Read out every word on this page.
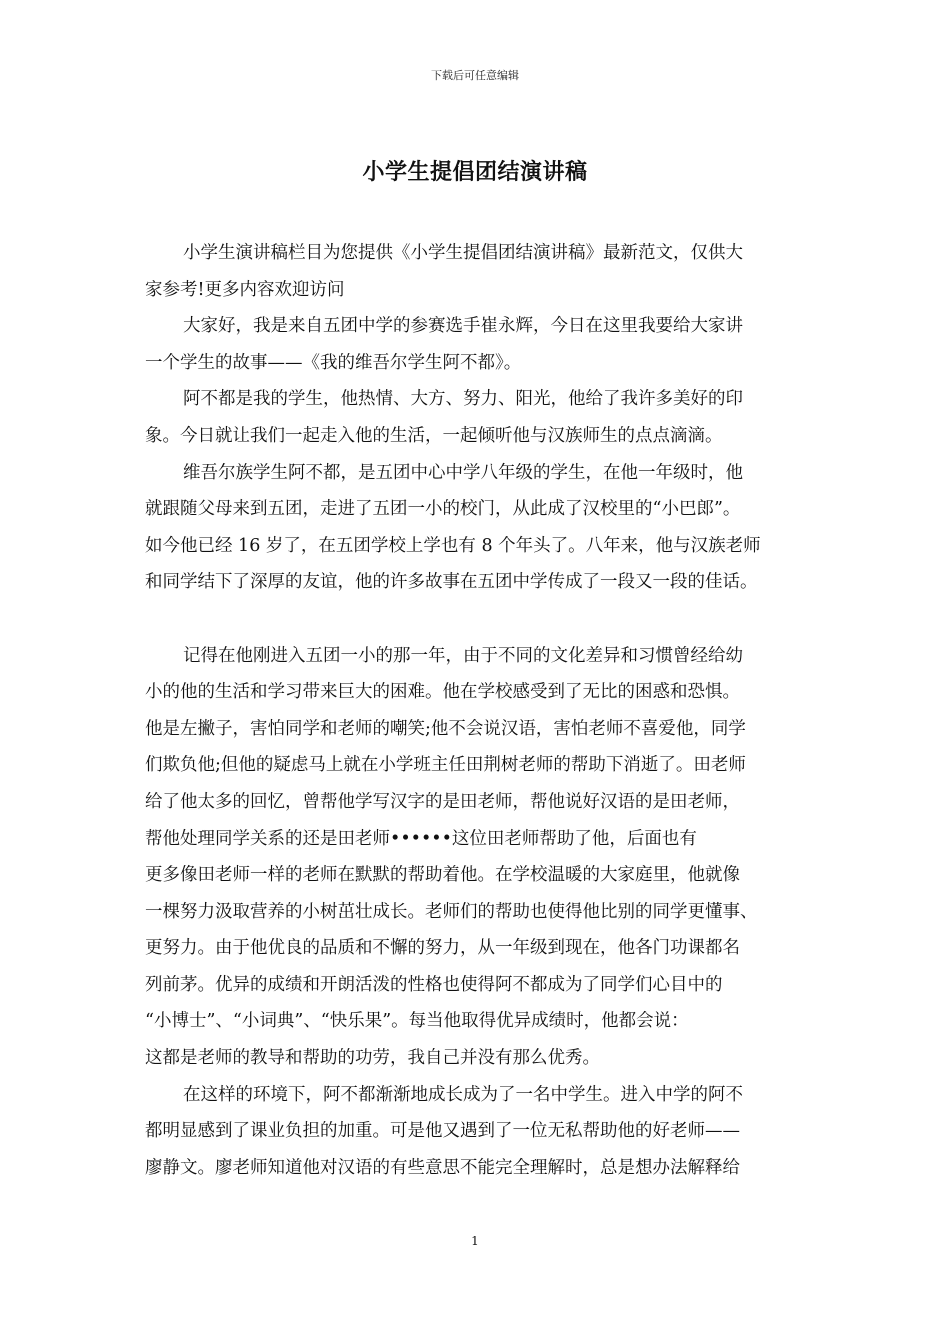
下载后可任意编辑
小学生提倡团结演讲稿
小学生演讲稿栏目为您提供《小学生提倡团结演讲稿》最新范文，仅供大
家参考!更多内容欢迎访问
大家好，我是来自五团中学的参赛选手崔永辉，今日在这里我要给大家讲
一个学生的故事——《我的维吾尔学生阿不都》。
阿不都是我的学生，他热情、大方、努力、阳光，他给了我许多美好的印
象。今日就让我们一起走入他的生活，一起倾听他与汉族师生的点点滴滴。
维吾尔族学生阿不都，是五团中心中学八年级的学生，在他一年级时，他
就跟随父母来到五团，走进了五团一小的校门，从此成了汉校里的“小巴郎”。
如今他已经 16 岁了，在五团学校上学也有 8 个年头了。八年来，他与汉族老师
和同学结下了深厚的友谊，他的许多故事在五团中学传成了一段又一段的佳话。
记得在他刚进入五团一小的那一年，由于不同的文化差异和习惯曾经给幼
小的他的生活和学习带来巨大的困难。他在学校感受到了无比的困惑和恐惧。
他是左撇子，害怕同学和老师的嘲笑;他不会说汉语，害怕老师不喜爱他，同学
们欺负他;但他的疑虑马上就在小学班主任田荆树老师的帮助下消逝了。田老师
给了他太多的回忆，曾帮他学写汉字的是田老师，帮他说好汉语的是田老师，
帮他处理同学关系的还是田老师••••••这位田老师帮助了他，后面也有
更多像田老师一样的老师在默默的帮助着他。在学校温暖的大家庭里，他就像
一棵努力汲取营养的小树茁壮成长。老师们的帮助也使得他比别的同学更懂事、
更努力。由于他优良的品质和不懈的努力，从一年级到现在，他各门功课都名
列前茅。优异的成绩和开朗活泼的性格也使得阿不都成为了同学们心目中的
“小博士”、“小词典”、“快乐果”。每当他取得优异成绩时，他都会说：
这都是老师的教导和帮助的功劳，我自己并没有那么优秀。
在这样的环境下，阿不都渐渐地成长成为了一名中学生。进入中学的阿不
都明显感到了课业负担的加重。可是他又遇到了一位无私帮助他的好老师——
廖静文。廖老师知道他对汉语的有些意思不能完全理解时，总是想办法解释给
1
